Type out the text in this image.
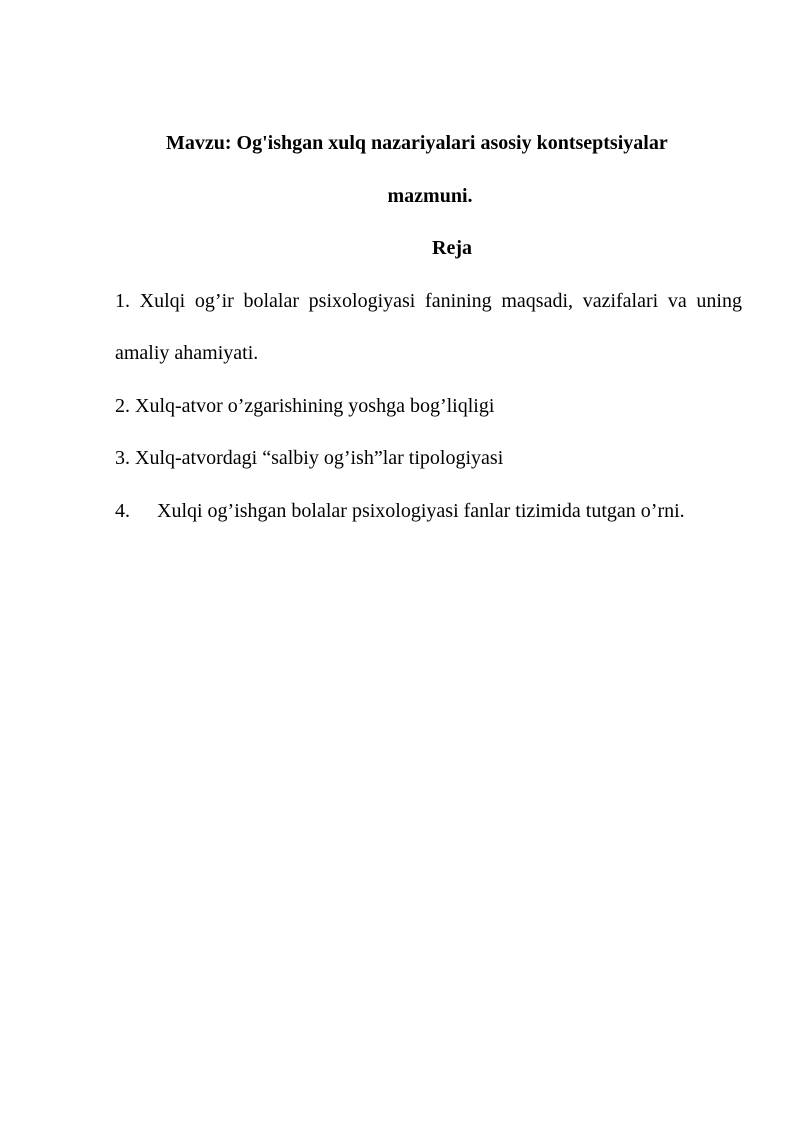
Mavzu: Og'ishgan xulq nazariyalari asosiy kontseptsiyalar
mazmuni.
Reja

1. Xulqi og’ir bolalar psixologiyasi fanining maqsadi, vazifalari va uning amaliy ahamiyati.

2. Xulq-atvor o’zgarishining yoshga bog’liqligi

3. Xulq-atvordagi “salbiy og’ish”lar tipologiyasi

4. Xulqi og’ishgan bolalar psixologiyasi fanlar tizimida tutgan o’rni.
